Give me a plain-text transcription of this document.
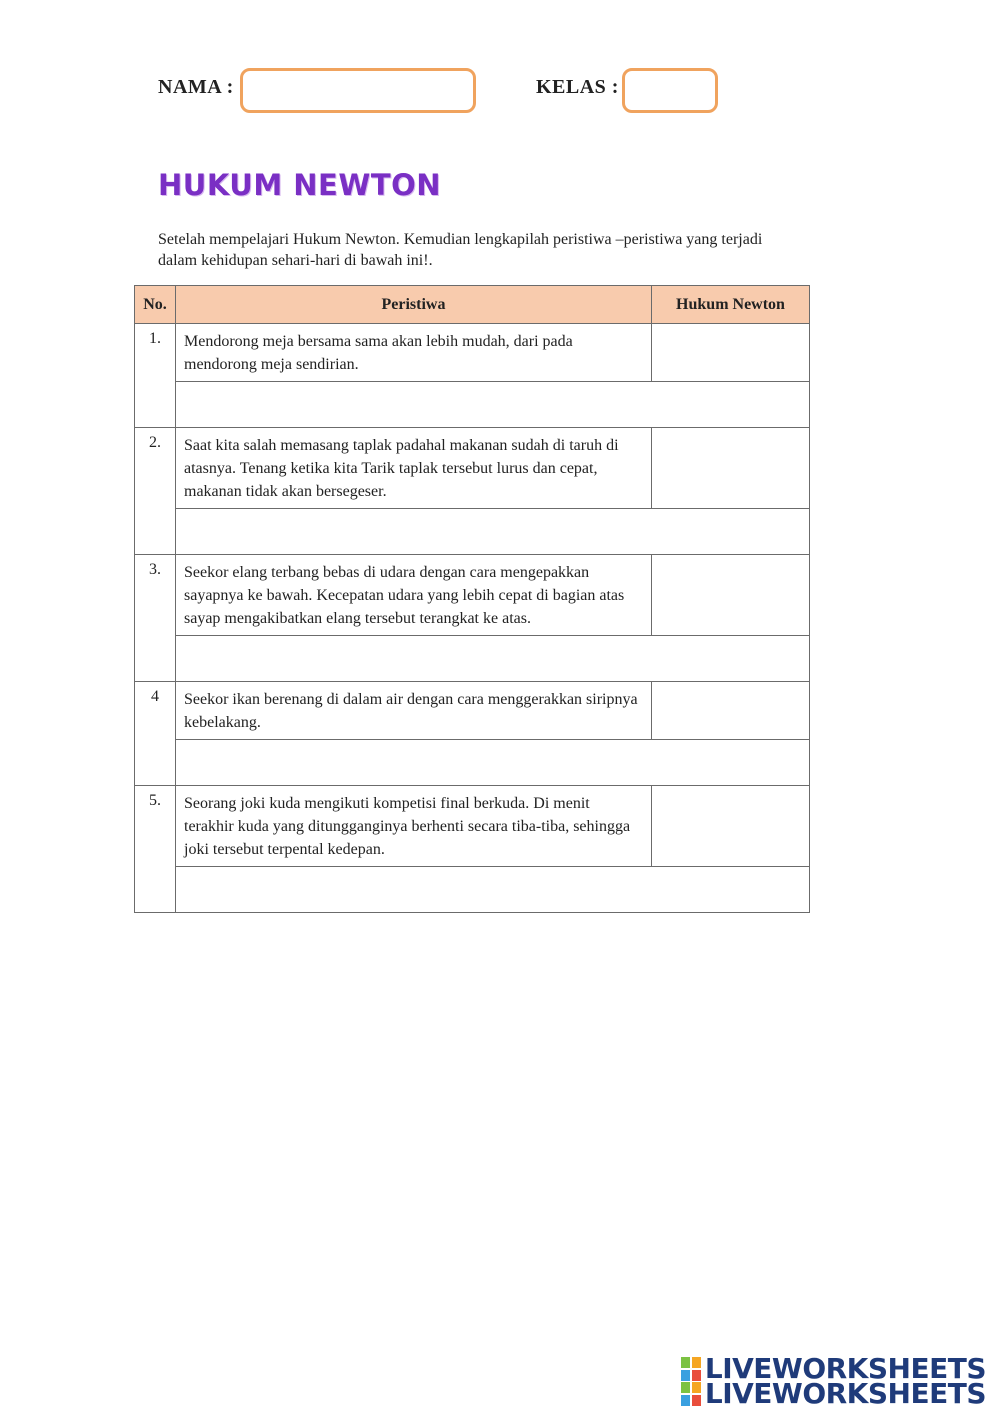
NAMA :	KELAS :
HUKUM NEWTON
Setelah mempelajari Hukum Newton. Kemudian lengkapilah peristiwa –peristiwa yang terjadi dalam kehidupan sehari-hari di bawah ini!.
No.	Peristiwa	Hukum Newton
1.	Mendorong meja bersama sama akan lebih mudah, dari pada mendorong meja sendirian.	

2.	Saat kita salah memasang taplak padahal makanan sudah di taruh di atasnya. Tenang ketika kita Tarik taplak tersebut lurus dan cepat, makanan tidak akan bersegeser.	

3.	Seekor elang terbang bebas di udara dengan cara mengepakkan sayapnya ke bawah. Kecepatan udara yang lebih cepat di bagian atas sayap mengakibatkan elang tersebut terangkat ke atas.	

4	Seekor ikan berenang di dalam air dengan cara menggerakkan siripnya kebelakang.	

5.	Seorang joki kuda mengikuti kompetisi final berkuda. Di menit terakhir kuda yang ditungganginya berhenti secara tiba-tiba, sehingga joki tersebut terpental kedepan.	

LIVEWORKSHEETS
LIVEWORKSHEETS
